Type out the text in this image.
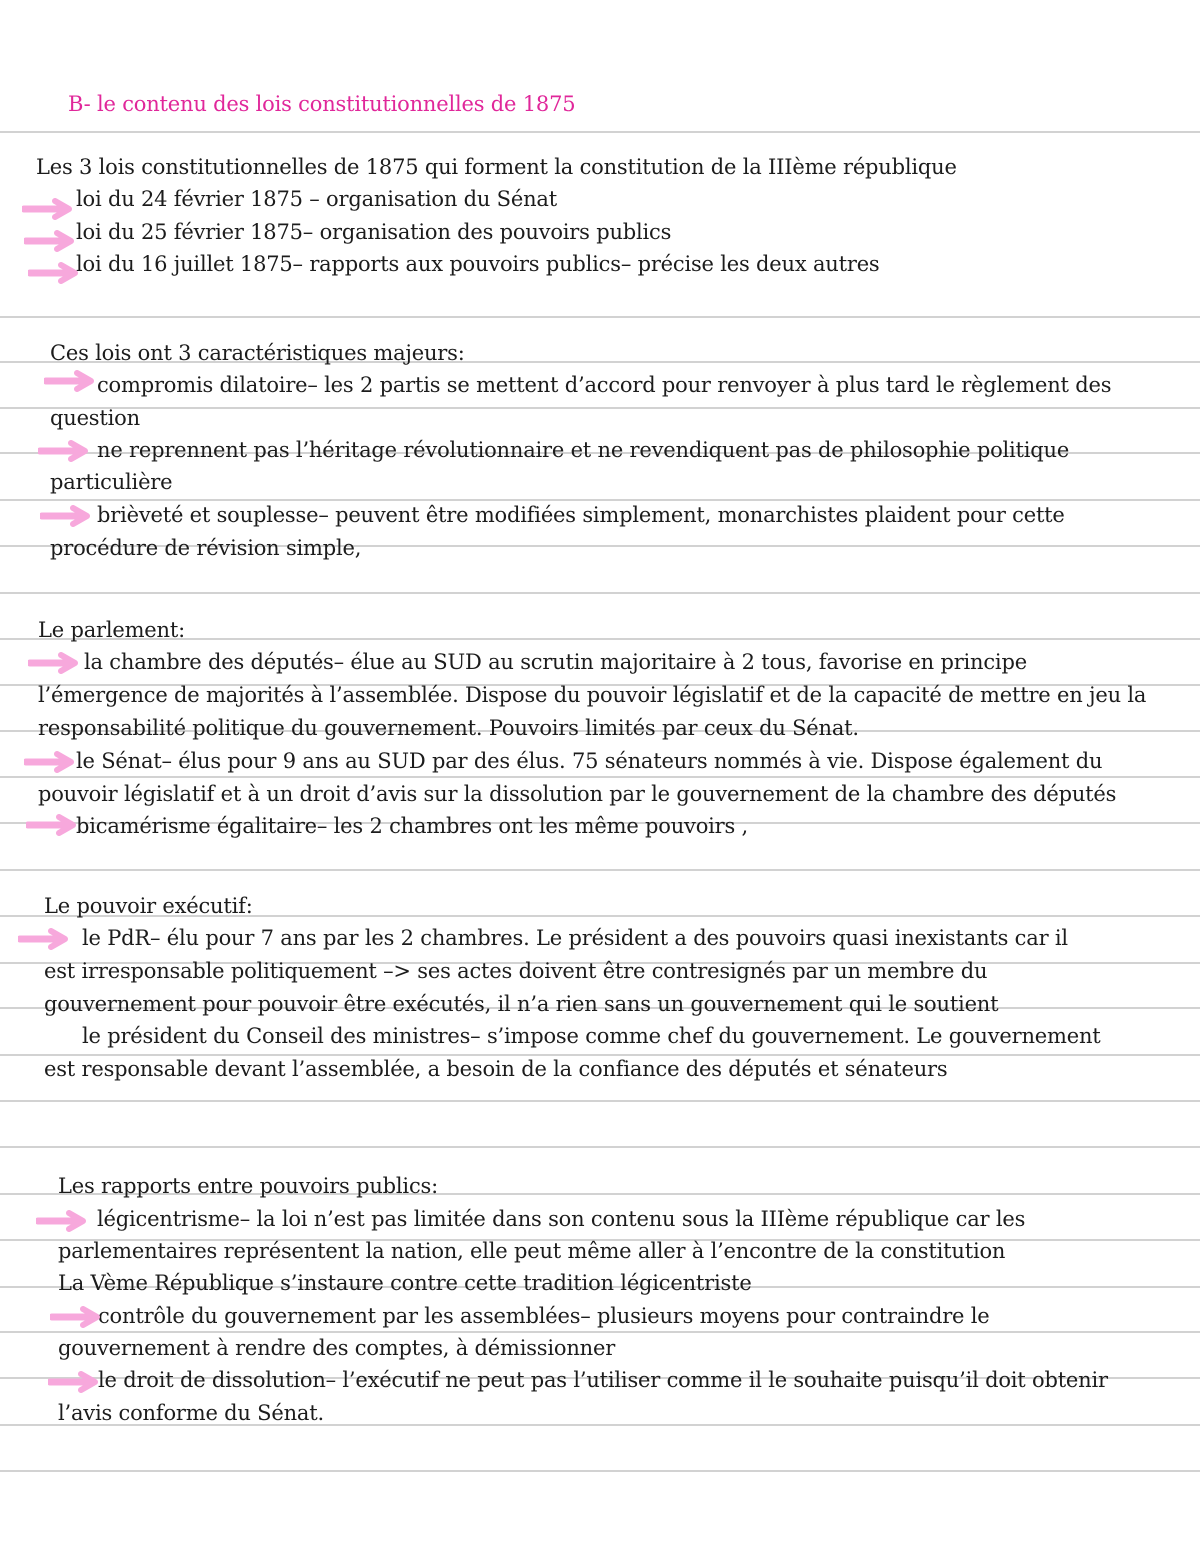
B- le contenu des lois constitutionnelles de 1875
Les 3 lois constitutionnelles de 1875 qui forment la constitution de la IIIème république
loi du 24 février 1875 – organisation du Sénat
loi du 25 février 1875– organisation des pouvoirs publics
loi du 16 juillet 1875– rapports aux pouvoirs publics– précise les deux autres
Ces lois ont 3 caractéristiques majeurs:
compromis dilatoire– les 2 partis se mettent d’accord pour renvoyer à plus tard le règlement des
question
ne reprennent pas l’héritage révolutionnaire et ne revendiquent pas de philosophie politique
particulière
brièveté et souplesse– peuvent être modifiées simplement, monarchistes plaident pour cette
procédure de révision simple,
Le parlement:
la chambre des députés– élue au SUD au scrutin majoritaire à 2 tous, favorise en principe
l’émergence de majorités à l’assemblée. Dispose du pouvoir législatif et de la capacité de mettre en jeu la
responsabilité politique du gouvernement. Pouvoirs limités par ceux du Sénat.
le Sénat– élus pour 9 ans au SUD par des élus. 75 sénateurs nommés à vie. Dispose également du
pouvoir législatif et à un droit d’avis sur la dissolution par le gouvernement de la chambre des députés
bicamérisme égalitaire– les 2 chambres ont les même pouvoirs ,
Le pouvoir exécutif:
le PdR– élu pour 7 ans par les 2 chambres. Le président a des pouvoirs quasi inexistants car il
est irresponsable politiquement –> ses actes doivent être contresignés par un membre du
gouvernement pour pouvoir être exécutés, il n’a rien sans un gouvernement qui le soutient
le président du Conseil des ministres– s’impose comme chef du gouvernement. Le gouvernement
est responsable devant l’assemblée, a besoin de la confiance des députés et sénateurs
Les rapports entre pouvoirs publics:
légicentrisme– la loi n’est pas limitée dans son contenu sous la IIIème république car les
parlementaires représentent la nation, elle peut même aller à l’encontre de la constitution
La Vème République s’instaure contre cette tradition légicentriste
contrôle du gouvernement par les assemblées– plusieurs moyens pour contraindre le
gouvernement à rendre des comptes, à démissionner
le droit de dissolution– l’exécutif ne peut pas l’utiliser comme il le souhaite puisqu’il doit obtenir
l’avis conforme du Sénat.
